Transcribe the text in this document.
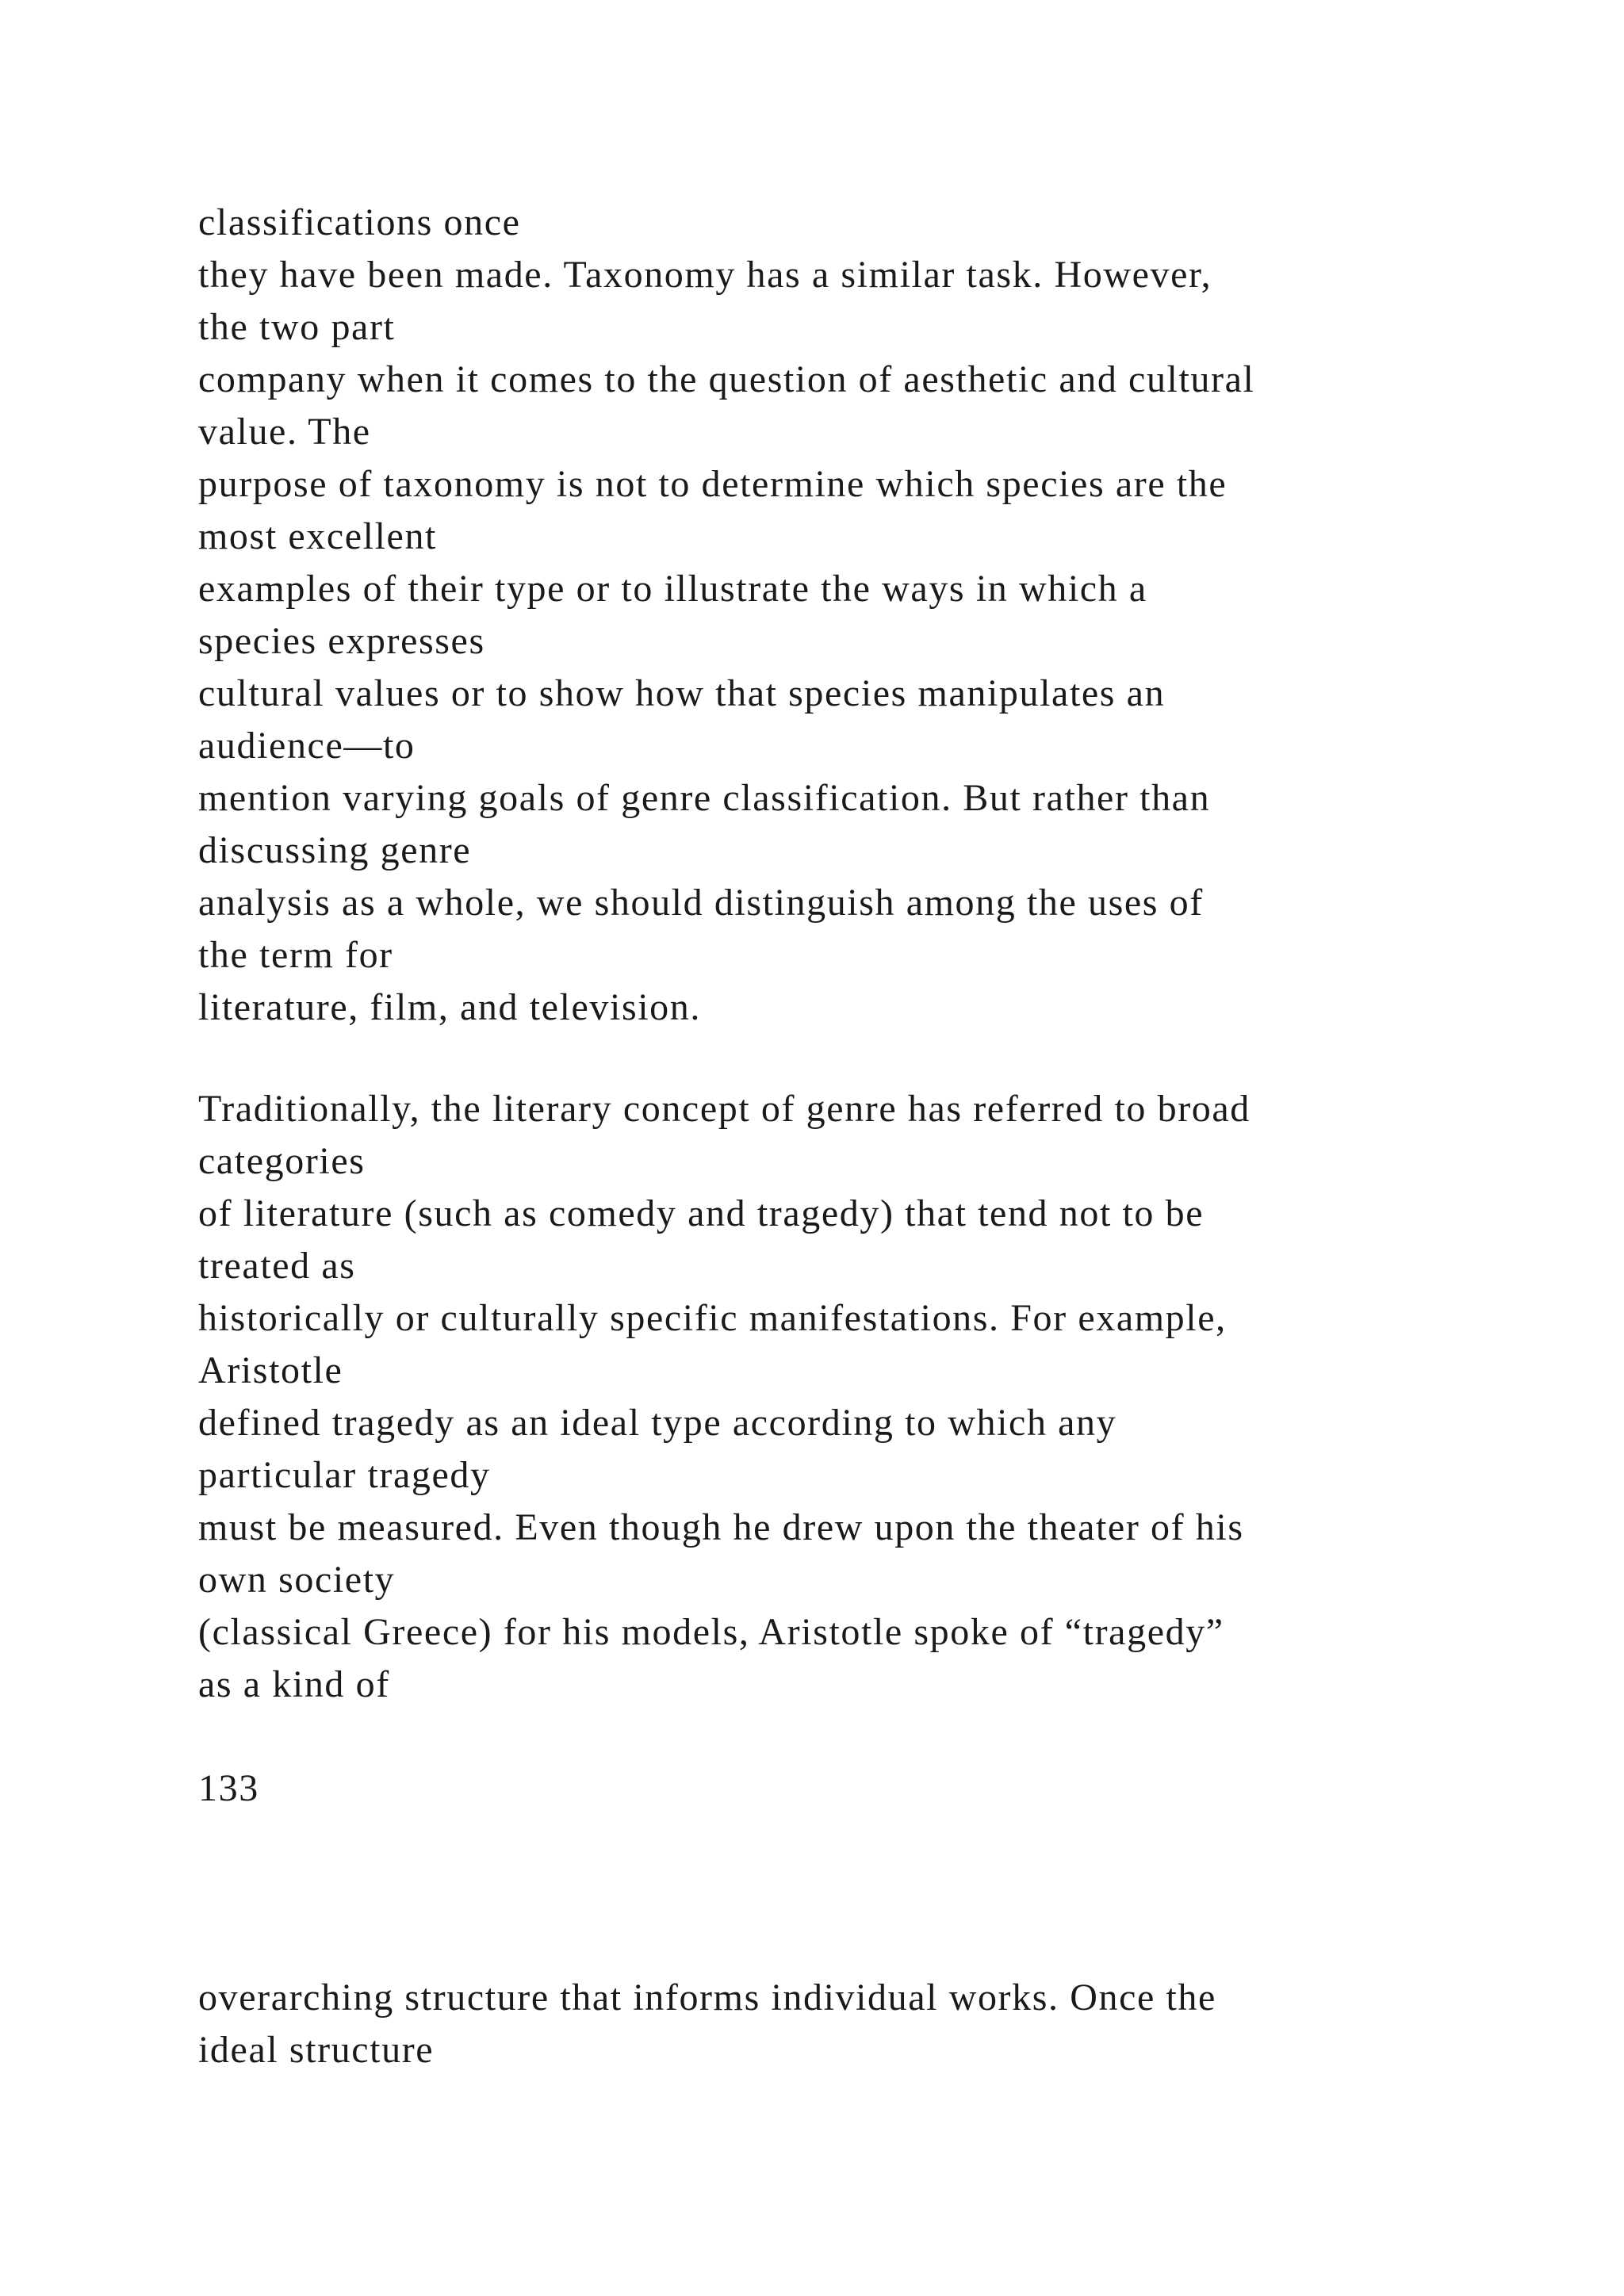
classifications once
they have been made. Taxonomy has a similar task. However,
the two part
company when it comes to the question of aesthetic and cultural
value. The
purpose of taxonomy is not to determine which species are the
most excellent
examples of their type or to illustrate the ways in which a
species expresses
cultural values or to show how that species manipulates an
audience—to
mention varying goals of genre classification. But rather than
discussing genre
analysis as a whole, we should distinguish among the uses of
the term for
literature, film, and television.
Traditionally, the literary concept of genre has referred to broad
categories
of literature (such as comedy and tragedy) that tend not to be
treated as
historically or culturally specific manifestations. For example,
Aristotle
defined tragedy as an ideal type according to which any
particular tragedy
must be measured. Even though he drew upon the theater of his
own society
(classical Greece) for his models, Aristotle spoke of “tragedy”
as a kind of
133
overarching structure that informs individual works. Once the
ideal structure
